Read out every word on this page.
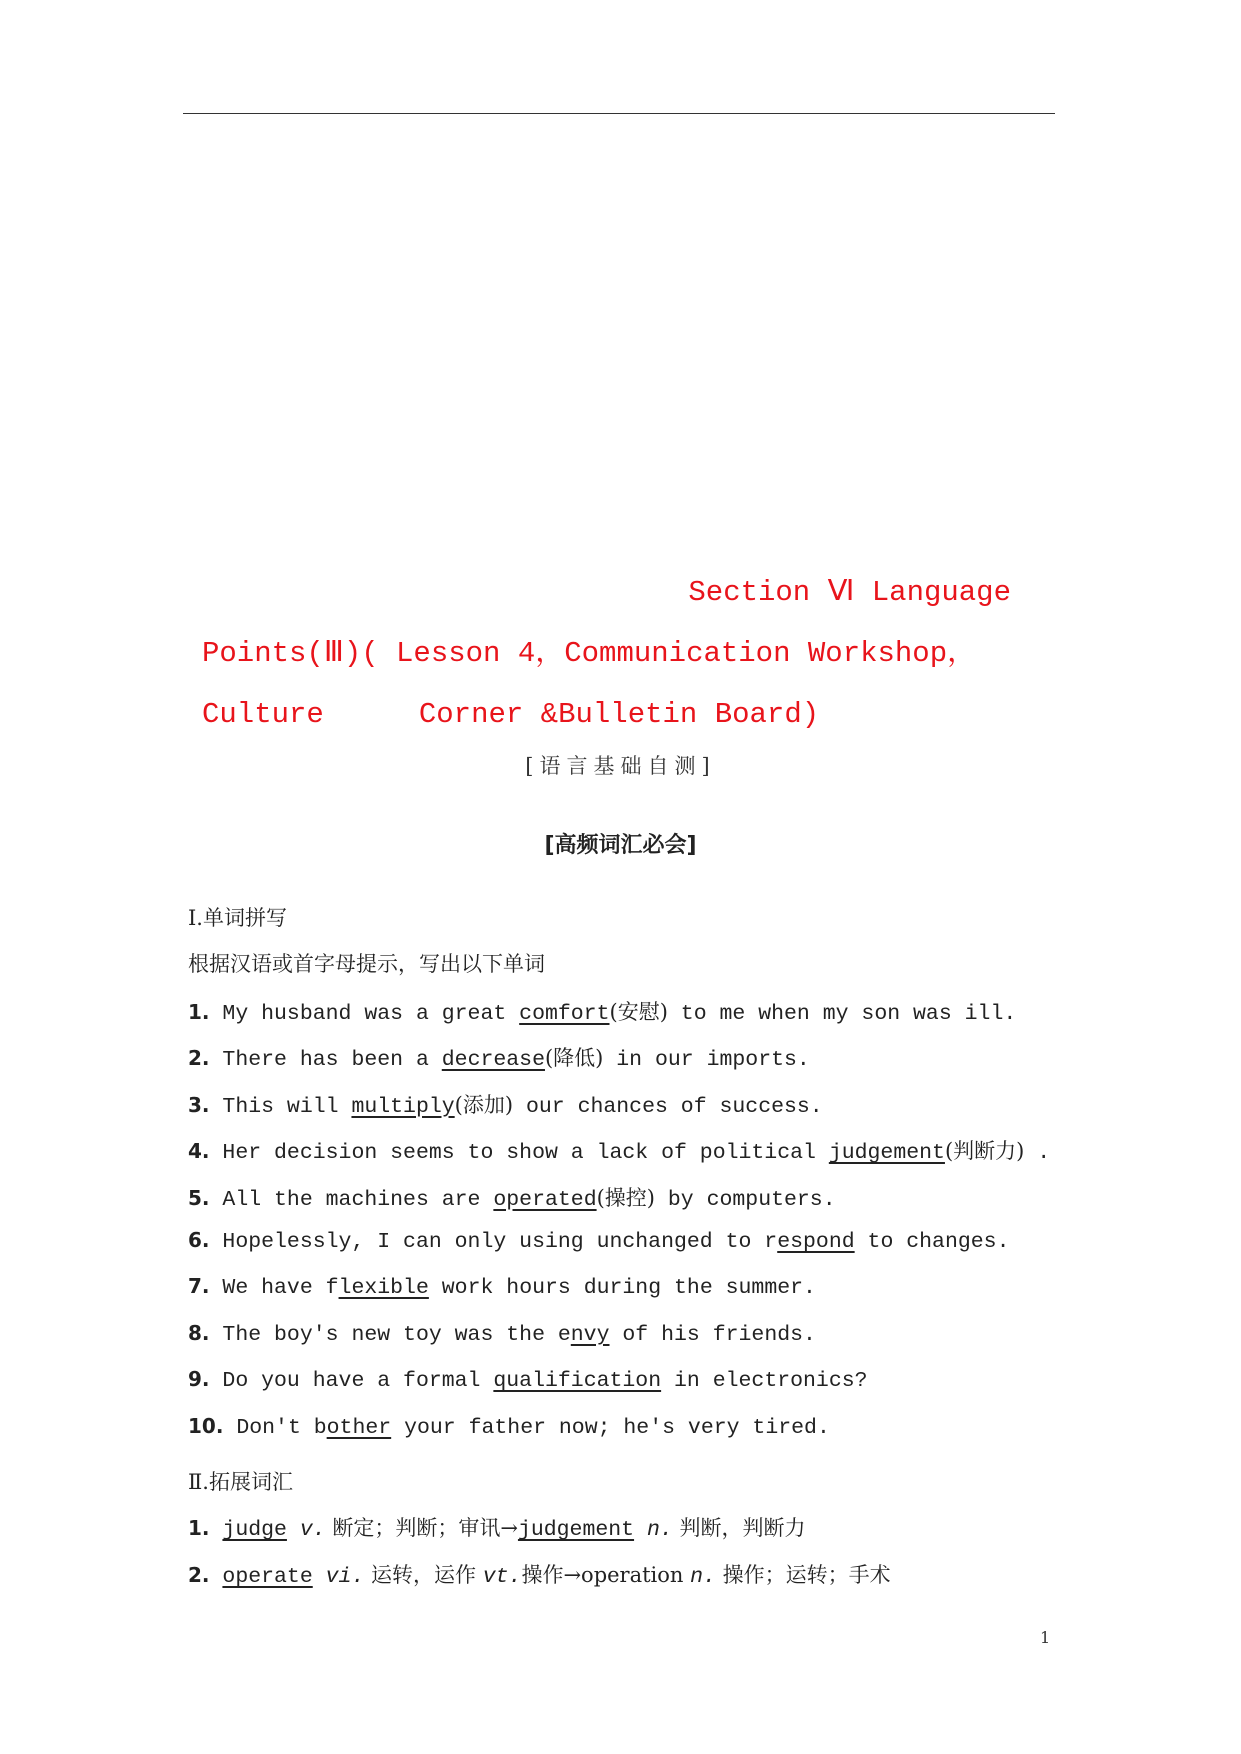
Section Ⅵ Language
Points(Ⅲ)( Lesson 4，Communication Workshop，Culture	Corner &Bulletin Board)
[语言基础自测]
[高频词汇必会]
Ⅰ.单词拼写
根据汉语或首字母提示，写出以下单词
1. My husband was a great comfort(安慰) to me when my son was ill.
2. There has been a decrease(降低) in our imports.
3. This will multiply(添加) our chances of success.
4. Her decision seems to show a lack of political judgement(判断力) .
5. All the machines are operated(操控) by computers.
6. Hopelessly, I can only using unchanged to respond to changes.
7. We have flexible work hours during the summer.
8. The boy's new toy was the envy of his friends.
9. Do you have a formal qualification in electronics?
10. Don't bother your father now; he's very tired.
Ⅱ.拓展词汇
1. judge v. 断定；判断；审讯→judgement n. 判断，判断力
2. operate vi. 运转，运作 vt.操作→operation n. 操作；运转；手术
1
